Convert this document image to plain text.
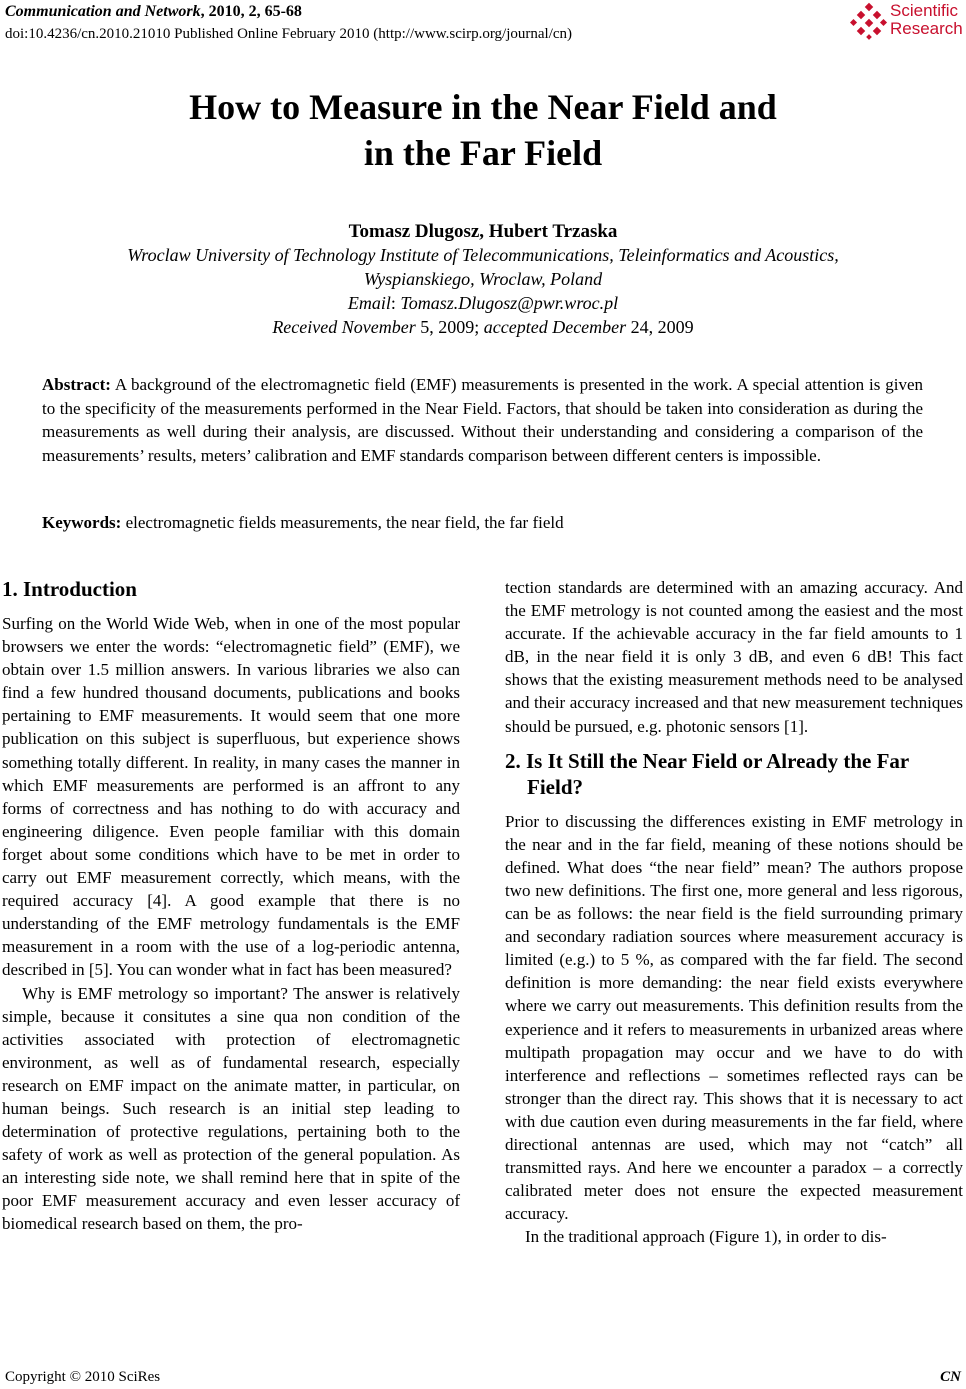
Communication and Network, 2010, 2, 65-68
doi:10.4236/cn.2010.21010 Published Online February 2010 (http://www.scirp.org/journal/cn)
Scientific
Research
How to Measure in the Near Field and
in the Far Field
Tomasz Dlugosz, Hubert Trzaska
Wroclaw University of Technology Institute of Telecommunications, Teleinformatics and Acoustics,
Wyspianskiego, Wroclaw, Poland
Email: Tomasz.Dlugosz@pwr.wroc.pl
Received November 5, 2009; accepted December 24, 2009
Abstract: A background of the electromagnetic field (EMF) measurements is presented in the work. A special attention is given to the specificity of the measurements performed in the Near Field. Factors, that should be taken into consideration as during the measurements as well during their analysis, are discussed. Without their understanding and considering a comparison of the measurements’ results, meters’ calibration and EMF standards comparison between different centers is impossible.
Keywords: electromagnetic fields measurements, the near field, the far field
1. Introduction

Surfing on the World Wide Web, when in one of the most popular browsers we enter the words: “electromagnetic field” (EMF), we obtain over 1.5 million answers. In various libraries we also can find a few hundred thousand documents, publications and books pertaining to EMF measurements. It would seem that one more publication on this subject is superfluous, but experience shows something totally different. In reality, in many cases the manner in which EMF measurements are performed is an affront to any forms of correctness and has nothing to do with accuracy and engineering diligence. Even people familiar with this domain forget about some conditions which have to be met in order to carry out EMF measurement correctly, which means, with the required accuracy [4]. A good example that there is no understanding of the EMF metrology fundamentals is the EMF measurement in a room with the use of a log-periodic antenna, described in [5]. You can wonder what in fact has been measured?

Why is EMF metrology so important? The answer is relatively simple, because it consitutes a sine qua non condition of the activities associated with protection of electromagnetic environment, as well as of fundamental research, especially research on EMF impact on the animate matter, in particular, on human beings. Such research is an initial step leading to determination of protective regulations, pertaining both to the safety of work as well as protection of the general population. As an interesting side note, we shall remind here that in spite of the poor EMF measurement accuracy and even lesser accuracy of biomedical research based on them, the pro-

tection standards are determined with an amazing accuracy. And the EMF metrology is not counted among the easiest and the most accurate. If the achievable accuracy in the far field amounts to 1 dB, in the near field it is only 3 dB, and even 6 dB! This fact shows that the existing measurement methods need to be analysed and their accuracy increased and that new measurement techniques should be pursued, e.g. photonic sensors [1].

2. Is It Still the Near Field or Already the Far Field?

Prior to discussing the differences existing in EMF metrology in the near and in the far field, meaning of these notions should be defined. What does “the near field” mean? The authors propose two new definitions. The first one, more general and less rigorous, can be as follows: the near field is the field surrounding primary and secondary radiation sources where measurement accuracy is limited (e.g.) to 5 %, as compared with the far field. The second definition is more demanding: the near field exists everywhere where we carry out measurements. This definition results from the experience and it refers to measurements in urbanized areas where multipath propagation may occur and we have to do with interference and reflections – sometimes reflected rays can be stronger than the direct ray. This shows that it is necessary to act with due caution even during measurements in the far field, where directional antennas are used, which may not “catch” all transmitted rays. And here we encounter a paradox – a correctly calibrated meter does not ensure the expected measurement accuracy.

In the traditional approach (Figure 1), in order to dis-

Copyright © 2010 SciRes	CN
